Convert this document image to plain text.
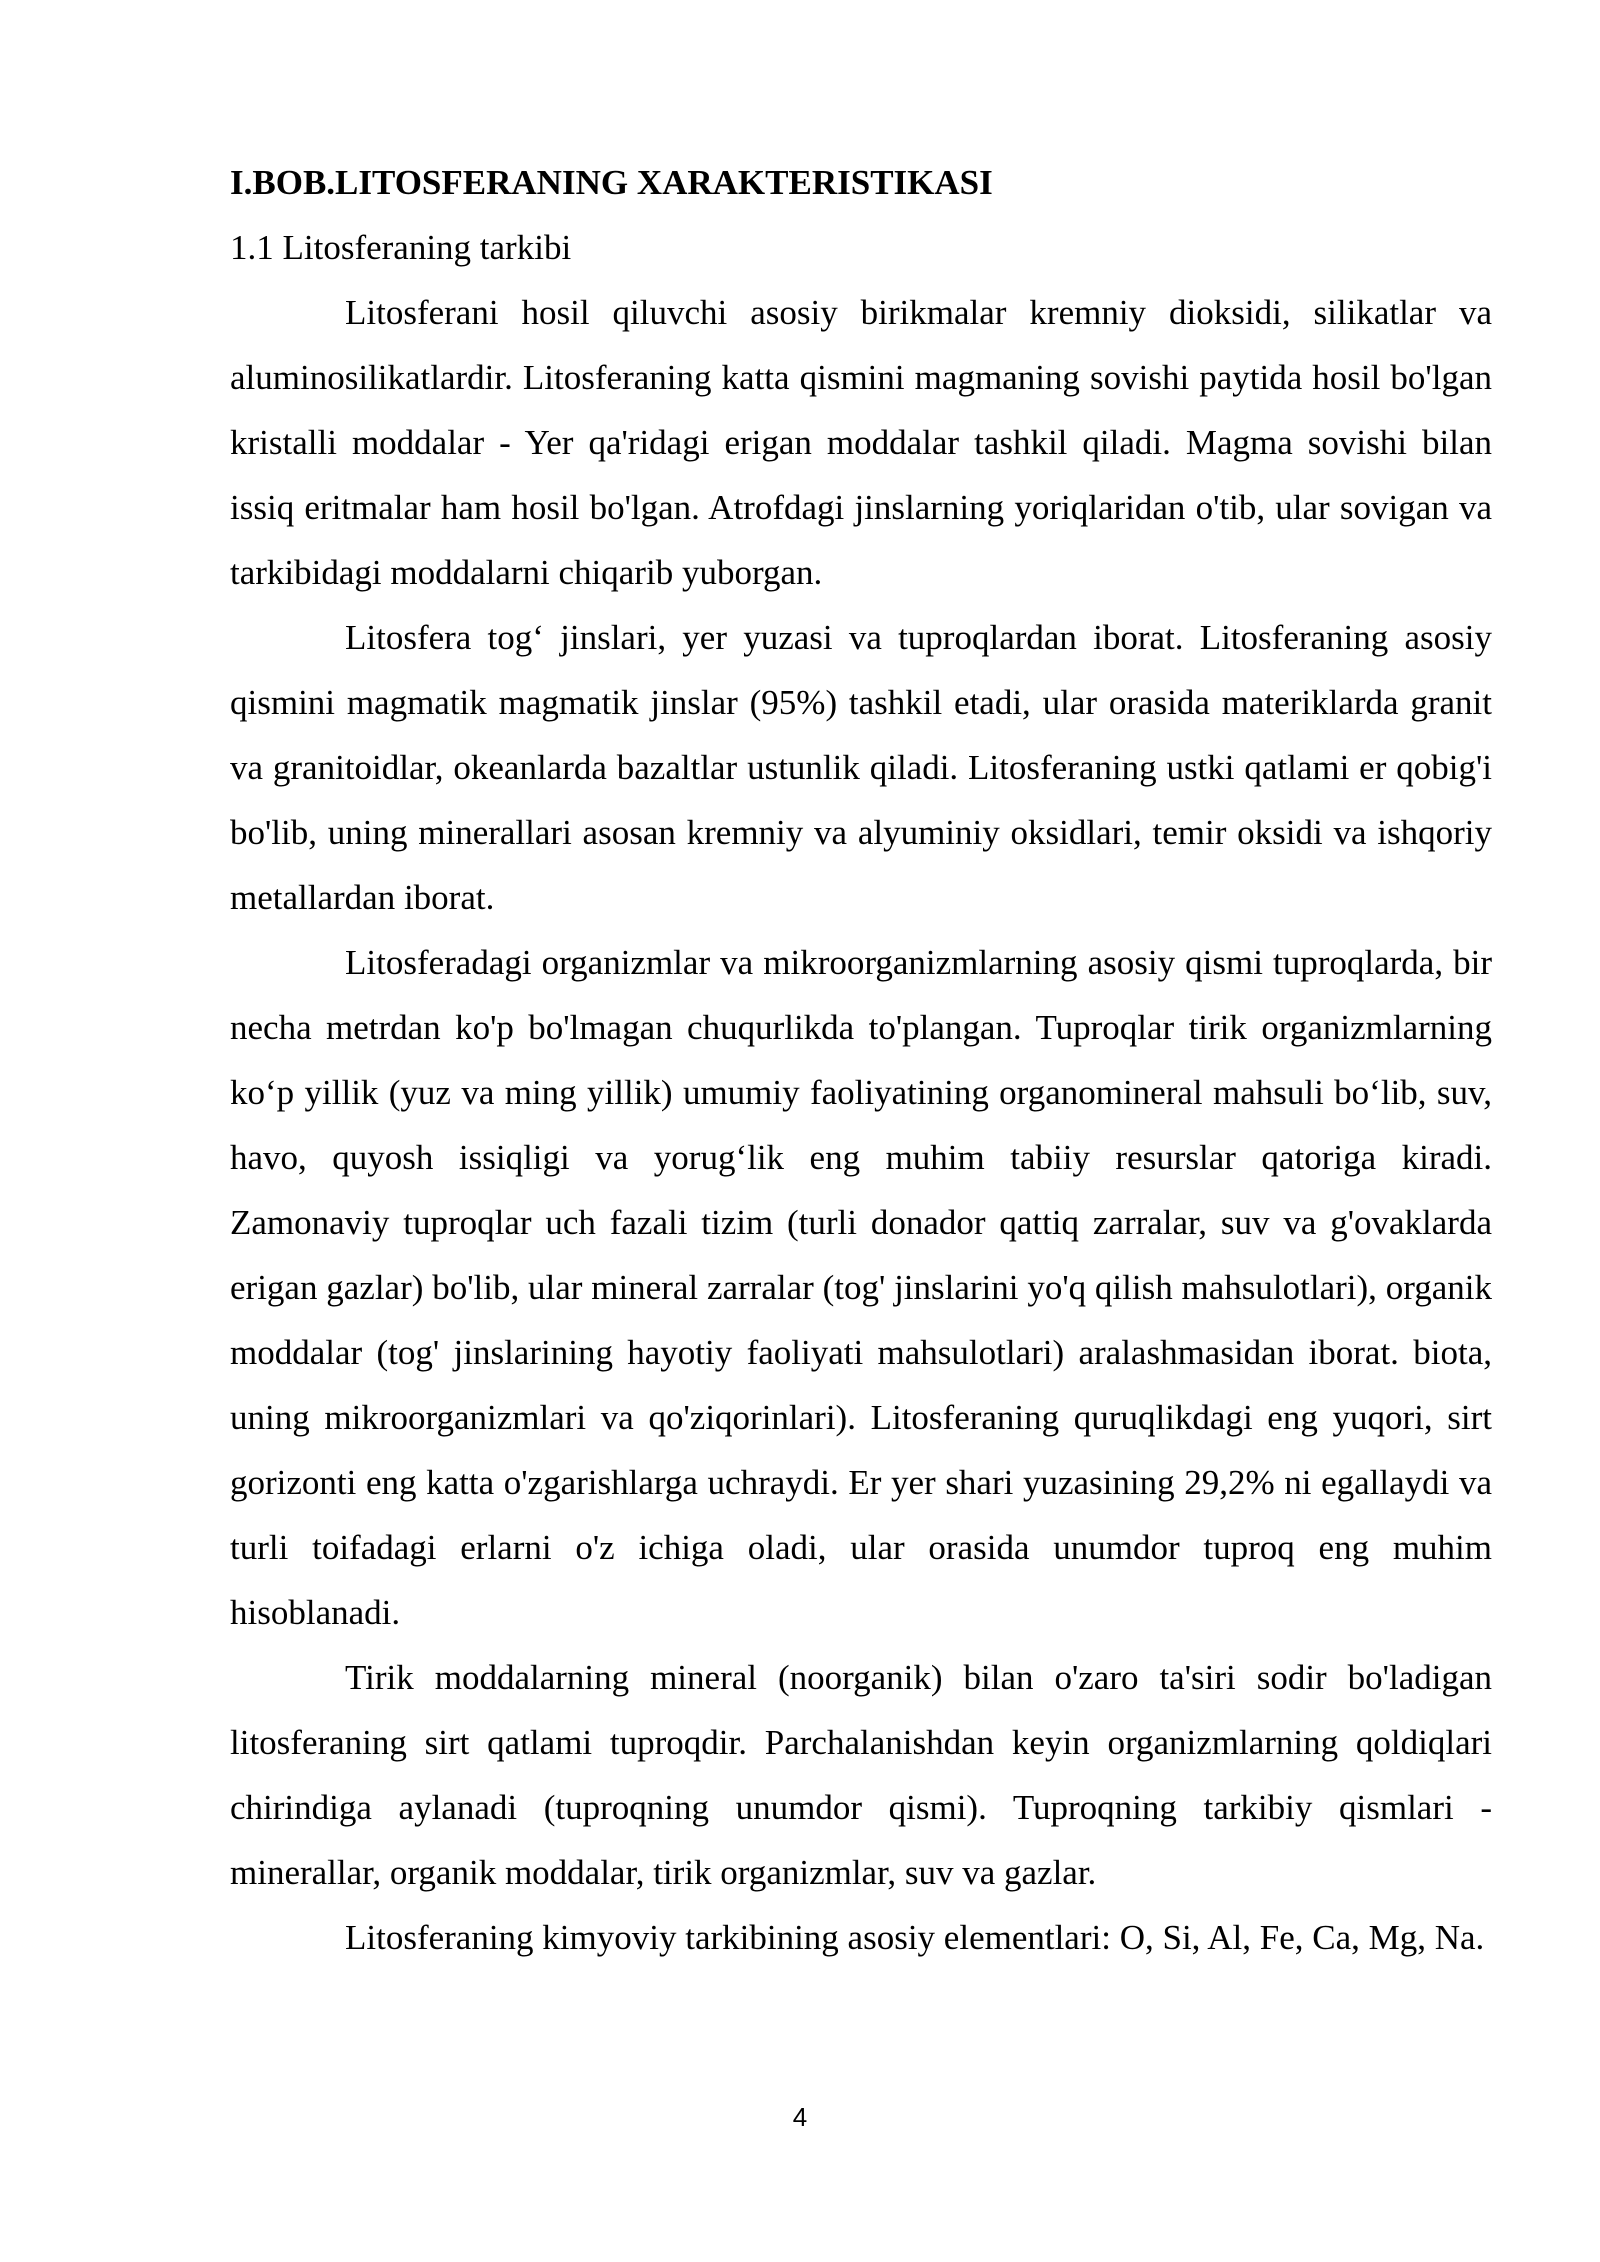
I.BOB.LITOSFERANING XARAKTERISTIKASI

1.1 Litosferaning tarkibi

Litosferani hosil qiluvchi asosiy birikmalar kremniy dioksidi, silikatlar va aluminosilikatlardir. Litosferaning katta qismini magmaning sovishi paytida hosil bo'lgan kristalli moddalar - Yer qa'ridagi erigan moddalar tashkil qiladi. Magma sovishi bilan issiq eritmalar ham hosil bo'lgan. Atrofdagi jinslarning yoriqlaridan o'tib, ular sovigan va tarkibidagi moddalarni chiqarib yuborgan.

Litosfera tog‘ jinslari, yer yuzasi va tuproqlardan iborat. Litosferaning asosiy qismini magmatik magmatik jinslar (95%) tashkil etadi, ular orasida materiklarda granit va granitoidlar, okeanlarda bazaltlar ustunlik qiladi. Litosferaning ustki qatlami er qobig'i bo'lib, uning minerallari asosan kremniy va alyuminiy oksidlari, temir oksidi va ishqoriy metallardan iborat.

Litosferadagi organizmlar va mikroorganizmlarning asosiy qismi tuproqlarda, bir necha metrdan ko'p bo'lmagan chuqurlikda to'plangan. Tuproqlar tirik organizmlarning ko‘p yillik (yuz va ming yillik) umumiy faoliyatining organomineral mahsuli bo‘lib, suv, havo, quyosh issiqligi va yorug‘lik eng muhim tabiiy resurslar qatoriga kiradi. Zamonaviy tuproqlar uch fazali tizim (turli donador qattiq zarralar, suv va g'ovaklarda erigan gazlar) bo'lib, ular mineral zarralar (tog' jinslarini yo'q qilish mahsulotlari), organik moddalar (tog' jinslarining hayotiy faoliyati mahsulotlari) aralashmasidan iborat. biota, uning mikroorganizmlari va qo'ziqorinlari). Litosferaning quruqlikdagi eng yuqori, sirt gorizonti eng katta o'zgarishlarga uchraydi. Er yer shari yuzasining 29,2% ni egallaydi va turli toifadagi erlarni o'z ichiga oladi, ular orasida unumdor tuproq eng muhim hisoblanadi.

Tirik moddalarning mineral (noorganik) bilan o'zaro ta'siri sodir bo'ladigan litosferaning sirt qatlami tuproqdir. Parchalanishdan keyin organizmlarning qoldiqlari chirindiga aylanadi (tuproqning unumdor qismi). Tuproqning tarkibiy qismlari - minerallar, organik moddalar, tirik organizmlar, suv va gazlar.

Litosferaning kimyoviy tarkibining asosiy elementlari: O, Si, Al, Fe, Ca, Mg, Na.

4
